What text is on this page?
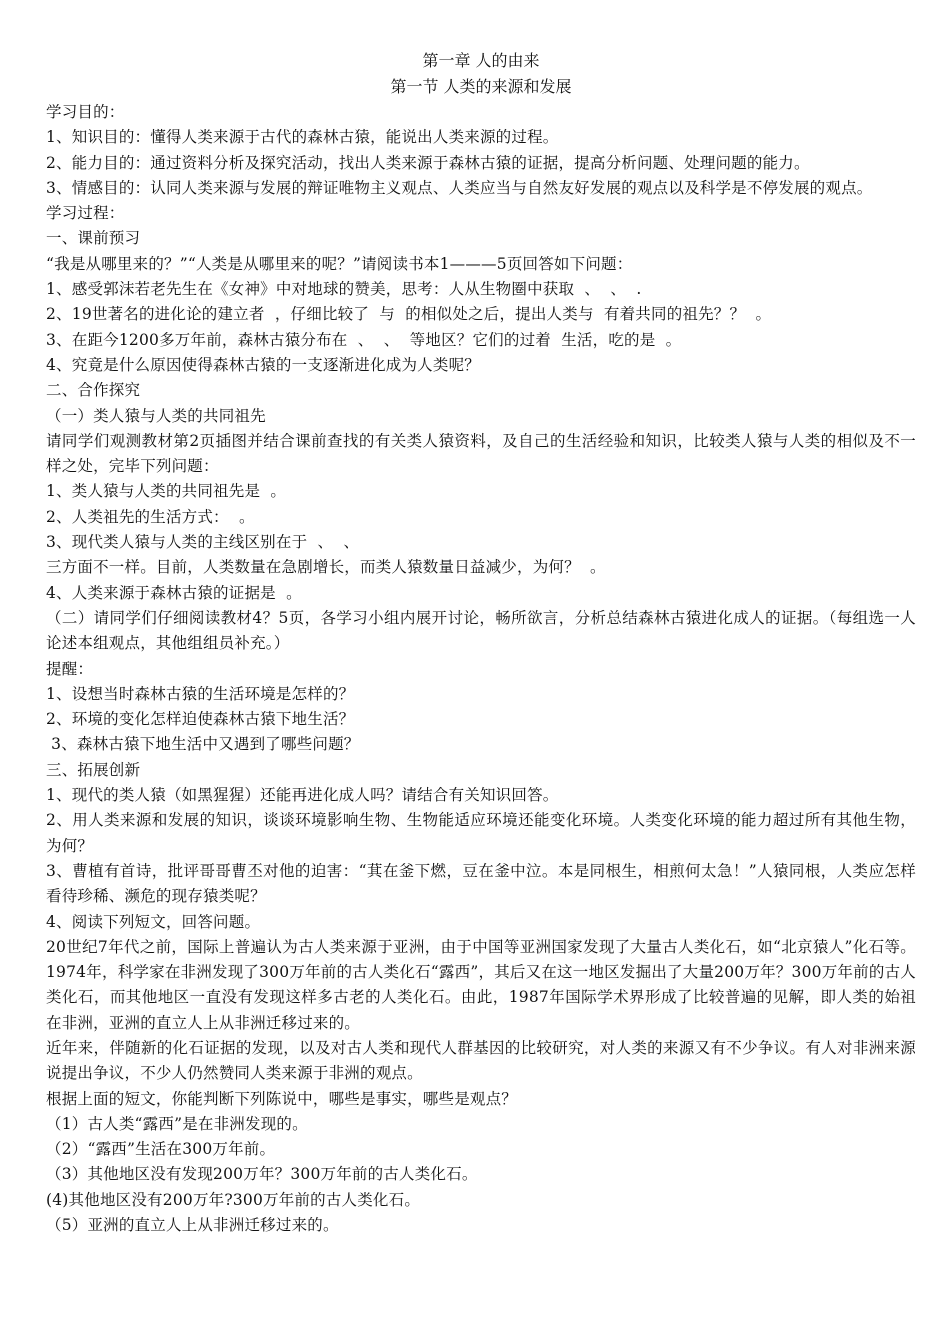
第一章 人的由来
第一节 人类的来源和发展
学习目的：
1、知识目的：懂得人类来源于古代的森林古猿，能说出人类来源的过程。
2、能力目的：通过资料分析及探究活动，找出人类来源于森林古猿的证据，提高分析问题、处理问题的能力。
3、情感目的：认同人类来源与发展的辩证唯物主义观点、人类应当与自然友好发展的观点以及科学是不停发展的观点。
学习过程：
一、课前预习
“我是从哪里来的？”“人类是从哪里来的呢？”请阅读书本1———5页回答如下问题：
1、感受郭沫若老先生在《女神》中对地球的赞美，思考：人从生物圈中获取  、  、  .
2、19世著名的进化论的建立者  ，仔细比较了  与  的相似处之后，提出人类与  有着共同的祖先？？  。
3、在距今1200多万年前，森林古猿分布在  、  、  等地区？它们的过着  生活，吃的是  。
4、究竟是什么原因使得森林古猿的一支逐渐进化成为人类呢？
二、合作探究
（一）类人猿与人类的共同祖先
请同学们观测教材第2页插图并结合课前查找的有关类人猿资料，及自己的生活经验和知识，比较类人猿与人类的相似及不一样之处，完毕下列问题：
1、类人猿与人类的共同祖先是  。
2、人类祖先的生活方式：  。
3、现代类人猿与人类的主线区别在于  、  、
三方面不一样。目前，人类数量在急剧增长，而类人猿数量日益减少，为何？  。
4、人类来源于森林古猿的证据是  。
（二）请同学们仔细阅读教材4？5页，各学习小组内展开讨论，畅所欲言，分析总结森林古猿进化成人的证据。（每组选一人论述本组观点，其他组组员补充。）
提醒：
1、设想当时森林古猿的生活环境是怎样的？
2、环境的变化怎样迫使森林古猿下地生活？
3、森林古猿下地生活中又遇到了哪些问题？
三、拓展创新
1、现代的类人猿（如黑猩猩）还能再进化成人吗？请结合有关知识回答。
2、用人类来源和发展的知识，谈谈环境影响生物、生物能适应环境还能变化环境。人类变化环境的能力超过所有其他生物，为何？
3、曹植有首诗，批评哥哥曹丕对他的迫害：“萁在釜下燃，豆在釜中泣。本是同根生，相煎何太急！”人猿同根，人类应怎样看待珍稀、濒危的现存猿类呢？
4、阅读下列短文，回答问题。
20世纪7年代之前，国际上普遍认为古人类来源于亚洲，由于中国等亚洲国家发现了大量古人类化石，如“北京猿人”化石等。1974年，科学家在非洲发现了300万年前的古人类化石“露西”，其后又在这一地区发掘出了大量200万年？300万年前的古人类化石，而其他地区一直没有发现这样多古老的人类化石。由此，1987年国际学术界形成了比较普遍的见解，即人类的始祖在非洲，亚洲的直立人上从非洲迁移过来的。
近年来，伴随新的化石证据的发现，以及对古人类和现代人群基因的比较研究，对人类的来源又有不少争议。有人对非洲来源说提出争议，不少人仍然赞同人类来源于非洲的观点。
根据上面的短文，你能判断下列陈说中，哪些是事实，哪些是观点？
（1）古人类“露西”是在非洲发现的。
（2）“露西”生活在300万年前。
（3）其他地区没有发现200万年？300万年前的古人类化石。
(4)其他地区没有200万年?300万年前的古人类化石。
（5）亚洲的直立人上从非洲迁移过来的。
